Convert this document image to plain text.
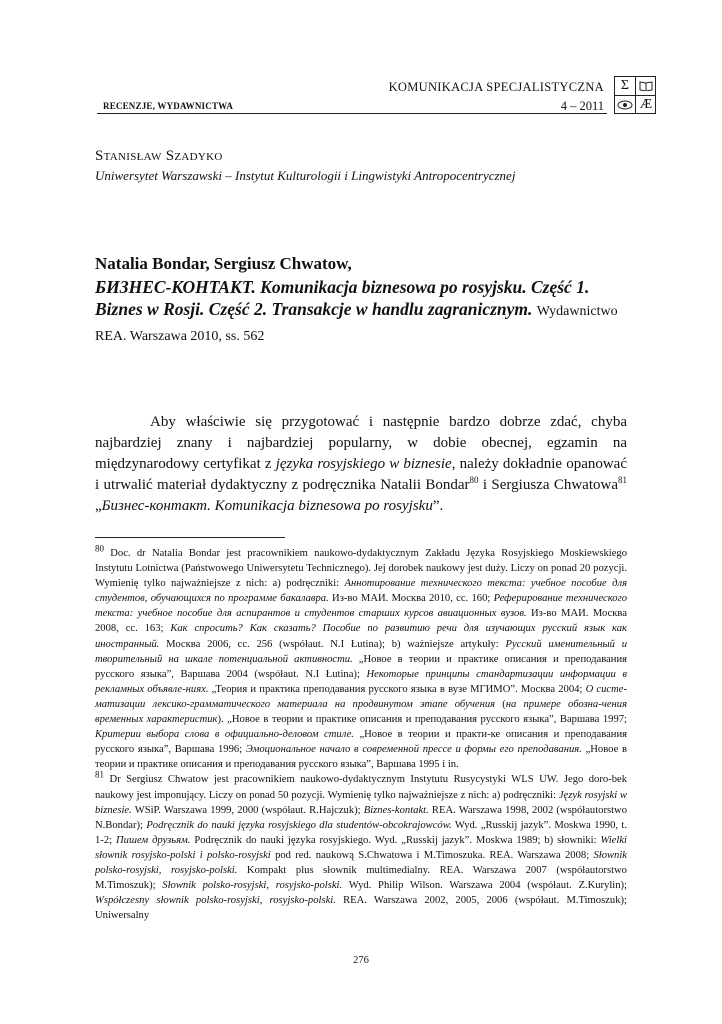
RECENZJE, WYDAWNICTWA
KOMUNIKACJA SPECJALISTYCZNA
4 – 2011
Σ
Æ
Stanisław Szadyko
Uniwersytet Warszawski – Instytut Kulturologii i Lingwistyki Antropocentrycznej
Natalia Bondar, Sergiusz Chwatow,
БИЗНЕС-КОНТАКТ. Komunikacja biznesowa po rosyjsku. Część 1. Biznes w Rosji. Część 2. Transakcje w handlu zagranicznym. Wydawnictwo REA. Warszawa 2010, ss. 562

Aby właściwie się przygotować i następnie bardzo dobrze zdać, chyba najbardziej znany i najbardziej popularny, w dobie obecnej, egzamin na międzynarodowy certyfikat z języka rosyjskiego w biznesie, należy dokładnie opanować i utrwalić materiał dydaktyczny z podręcznika Natalii Bondar$^{80}$ i Sergiusza Chwatowa$^{81}$ „Бизнес-контакт. Komunikacja biznesowa po rosyjsku”.

$^{80}$ Doc. dr Natalia Bondar jest pracownikiem naukowo-dydaktycznym Zakładu Języka Rosyjskiego Moskiewskiego Instytutu Lotnictwa (Państwowego Uniwersytetu Technicznego). Jej dorobek naukowy jest duży. Liczy on ponad 20 pozycji. Wymienię tylko najważniejsze z nich: a) podręczniki: Аннотирование технического текста: учебное пособие для студентов, обучающихся по программе бакалавра. Из-во МАИ. Москва 2010, сс. 160; Реферирование технического текста: учебное пособие для аспирантов и студентов старших курсов авиационных вузов. Из-во МАИ. Москва 2008, сс. 163; Как спросить? Как сказать? Пособие по развитию речи для изучающих русский язык как иностранный. Москва 2006, сс. 256 (współaut. N.I Łutina); b) ważniejsze artykuły: Русский именительный и творительный на шкале потенциальной активности. „Новое в теории и практике описания и преподавания русского языка”, Варшава 2004 (współaut. N.I Łutina); Некоторые принципы стандартизации информации в рекламных объявле-ниях. „Теория и практика преподавания русского языка в вузе МГИМО”. Москва 2004; О систе-матизации лексико-грамматического материала на продвинутом этапе обучения (на примере обозна-чения временных характеристик). „Новое в теории и практике описания и преподавания русского языка”, Варшава 1997; Критерии выбора слова в официально-деловом стиле. „Новое в теории и практи-ке описания и преподавания русского языка”, Варшава 1996; Эмоциональное начало в современной прессе и формы его преподавания. „Новое в теории и практике описания и преподавания русского языка”, Варшава 1995 i in.

$^{81}$ Dr Sergiusz Chwatow jest pracownikiem naukowo-dydaktycznym Instytutu Rusycystyki WLS UW. Jego doro-bek naukowy jest imponujący. Liczy on ponad 50 pozycji. Wymienię tylko najważniejsze z nich: a) podręczniki: Język rosyjski w biznesie. WSiP. Warszawa 1999, 2000 (współaut. R.Hajczuk); Biznes-kontakt. REA. Warszawa 1998, 2002 (współautorstwo N.Bondar); Podręcznik do nauki języka rosyjskiego dla studentów-obcokrajowców. Wyd. „Russkij jazyk”. Moskwa 1990, t. 1-2; Пишем друзьям. Podręcznik do nauki języka rosyjskiego. Wyd. „Russkij jazyk”. Moskwa 1989; b) słowniki: Wielki słownik rosyjsko-polski i polsko-rosyjski pod red. naukową S.Chwatowa i M.Timoszuka. REA. Warszawa 2008; Słownik polsko-rosyjski, rosyjsko-polski. Kompakt plus słownik multimedialny. REA. Warszawa 2007 (współautorstwo M.Timoszuk); Słownik polsko-rosyjski, rosyjsko-polski. Wyd. Philip Wilson. Warszawa 2004 (współaut. Z.Kurylin); Współczesny słownik polsko-rosyjski, rosyjsko-polski. REA. Warszawa 2002, 2005, 2006 (współaut. M.Timoszuk); Uniwersalny

276
